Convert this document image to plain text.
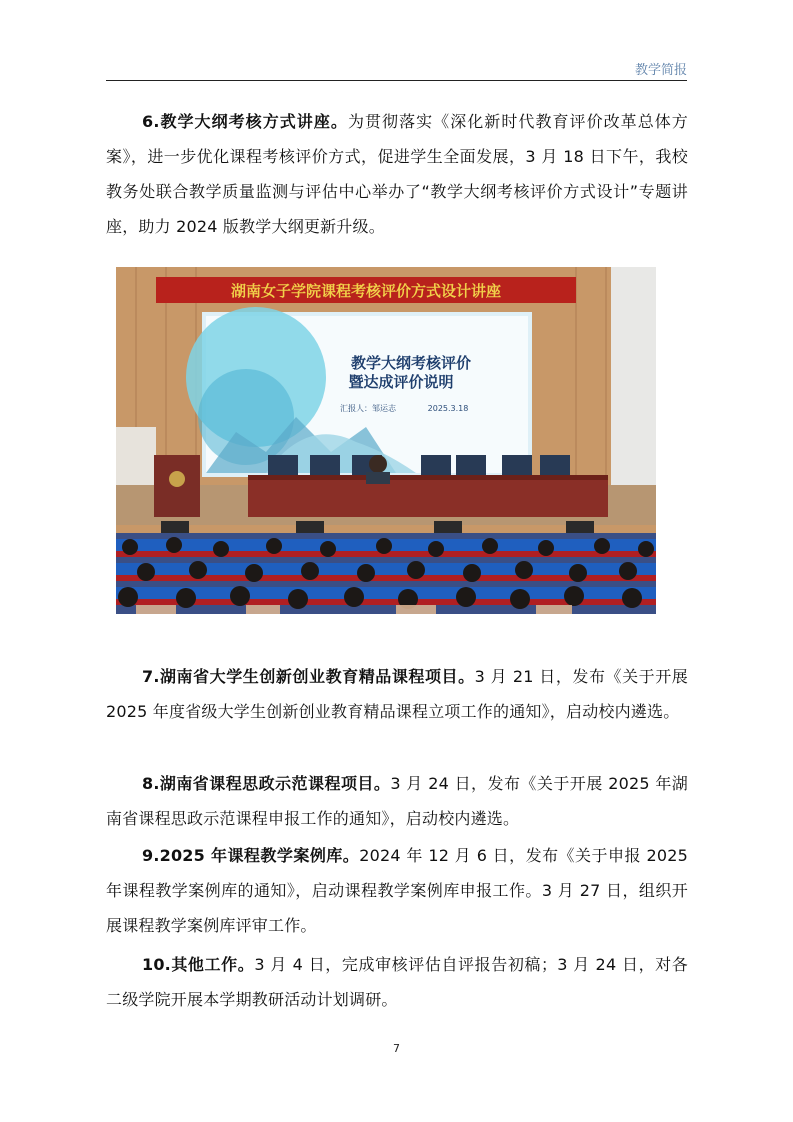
教学简报

6.教学大纲考核方式讲座。为贯彻落实《深化新时代教育评价改革总体方案》，进一步优化课程考核评价方式，促进学生全面发展，3 月 18 日下午，我校教务处联合教学质量监测与评估中心举办了“教学大纲考核评价方式设计”专题讲座，助力 2024 版教学大纲更新升级。

湖南女子学院课程考核评价方式设计讲座
教学大纲考核评价
暨达成评价说明
汇报人：邹运志	2025.3.18

7.湖南省大学生创新创业教育精品课程项目。3 月 21 日，发布《关于开展 2025 年度省级大学生创新创业教育精品课程立项工作的通知》，启动校内遴选。

8.湖南省课程思政示范课程项目。3 月 24 日，发布《关于开展 2025 年湖南省课程思政示范课程申报工作的通知》，启动校内遴选。

9.2025 年课程教学案例库。2024 年 12 月 6 日，发布《关于申报 2025 年课程教学案例库的通知》，启动课程教学案例库申报工作。3 月 27 日，组织开展课程教学案例库评审工作。

10.其他工作。3 月 4 日，完成审核评估自评报告初稿；3 月 24 日，对各二级学院开展本学期教研活动计划调研。

7
